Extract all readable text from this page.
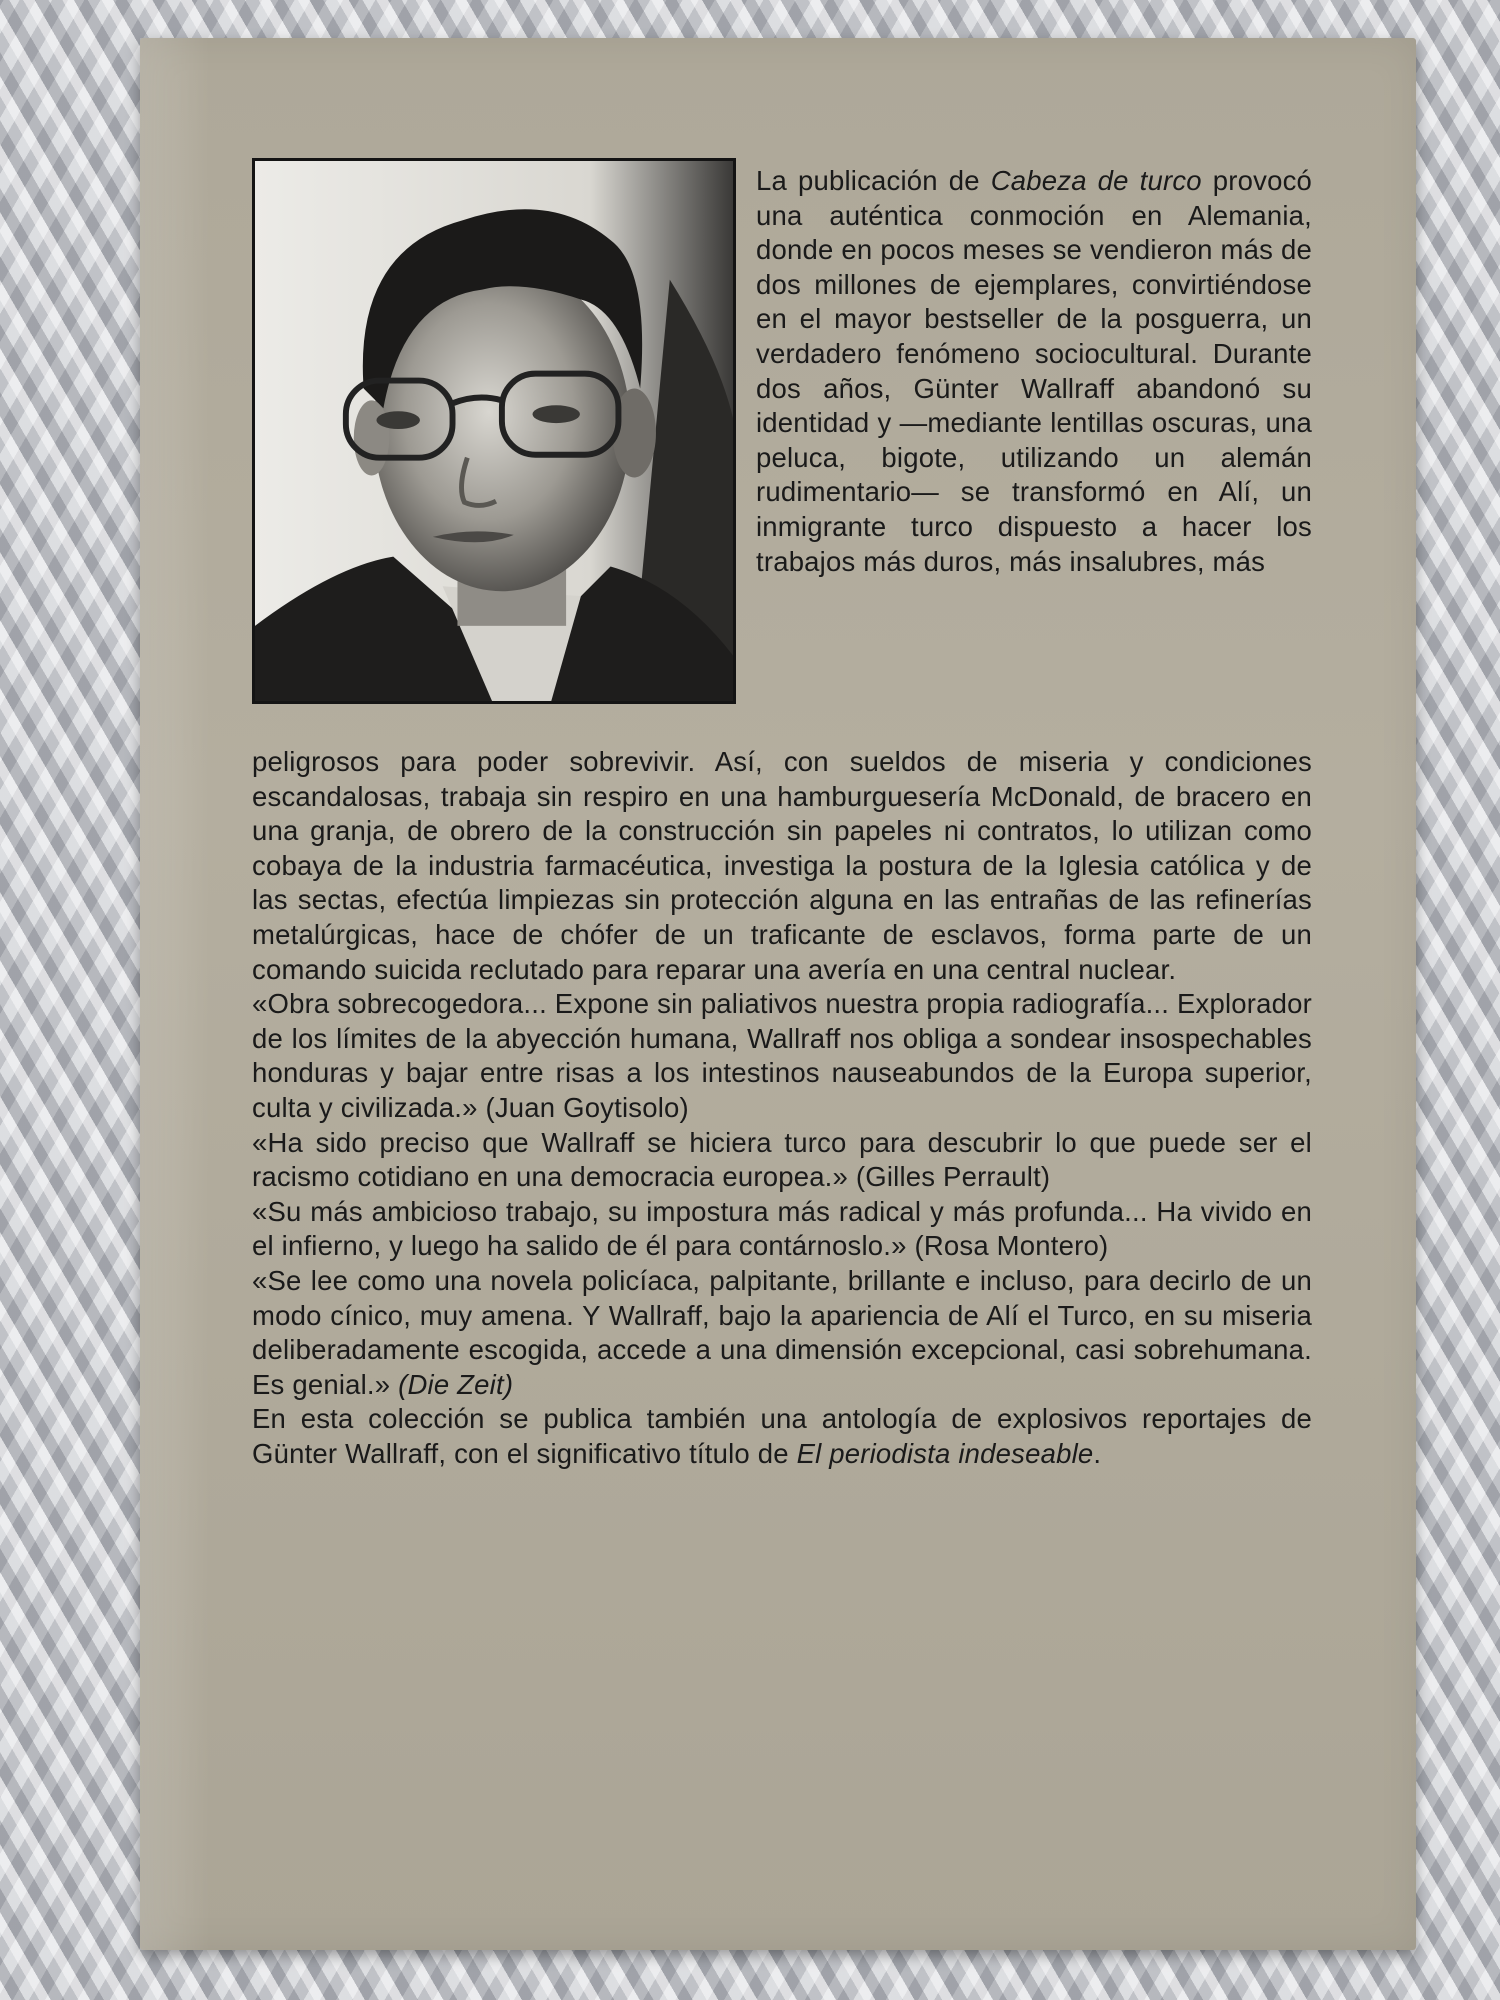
La publicación de Cabeza de turco provocó una auténtica conmoción en Alemania, donde en pocos meses se vendieron más de dos millones de ejemplares, convirtiéndose en el mayor bestseller de la posguerra, un verdadero fenómeno sociocultural. Durante dos años, Günter Wallraff abandonó su identidad y —mediante lentillas oscuras, una peluca, bigote, utilizando un alemán rudimentario— se transformó en Alí, un inmigrante turco dispuesto a hacer los trabajos más duros, más insalubres, más

peligrosos para poder sobrevivir. Así, con sueldos de miseria y condiciones escandalosas, trabaja sin respiro en una hamburguesería McDonald, de bracero en una granja, de obrero de la construcción sin papeles ni contratos, lo utilizan como cobaya de la industria farmacéutica, investiga la postura de la Iglesia católica y de las sectas, efectúa limpiezas sin protección alguna en las entrañas de las refinerías metalúrgicas, hace de chófer de un traficante de esclavos, forma parte de un comando suicida reclutado para reparar una avería en una central nuclear.

«Obra sobrecogedora... Expone sin paliativos nuestra propia radiografía... Explorador de los límites de la abyección humana, Wallraff nos obliga a sondear insospechables honduras y bajar entre risas a los intestinos nauseabundos de la Europa superior, culta y civilizada.» (Juan Goytisolo)

«Ha sido preciso que Wallraff se hiciera turco para descubrir lo que puede ser el racismo cotidiano en una democracia europea.» (Gilles Perrault)

«Su más ambicioso trabajo, su impostura más radical y más profunda... Ha vivido en el infierno, y luego ha salido de él para contárnoslo.» (Rosa Montero)

«Se lee como una novela policíaca, palpitante, brillante e incluso, para decirlo de un modo cínico, muy amena. Y Wallraff, bajo la apariencia de Alí el Turco, en su miseria deliberadamente escogida, accede a una dimensión excepcional, casi sobrehumana. Es genial.» (Die Zeit)

En esta colección se publica también una antología de explosivos reportajes de Günter Wallraff, con el significativo título de El periodista indeseable.
